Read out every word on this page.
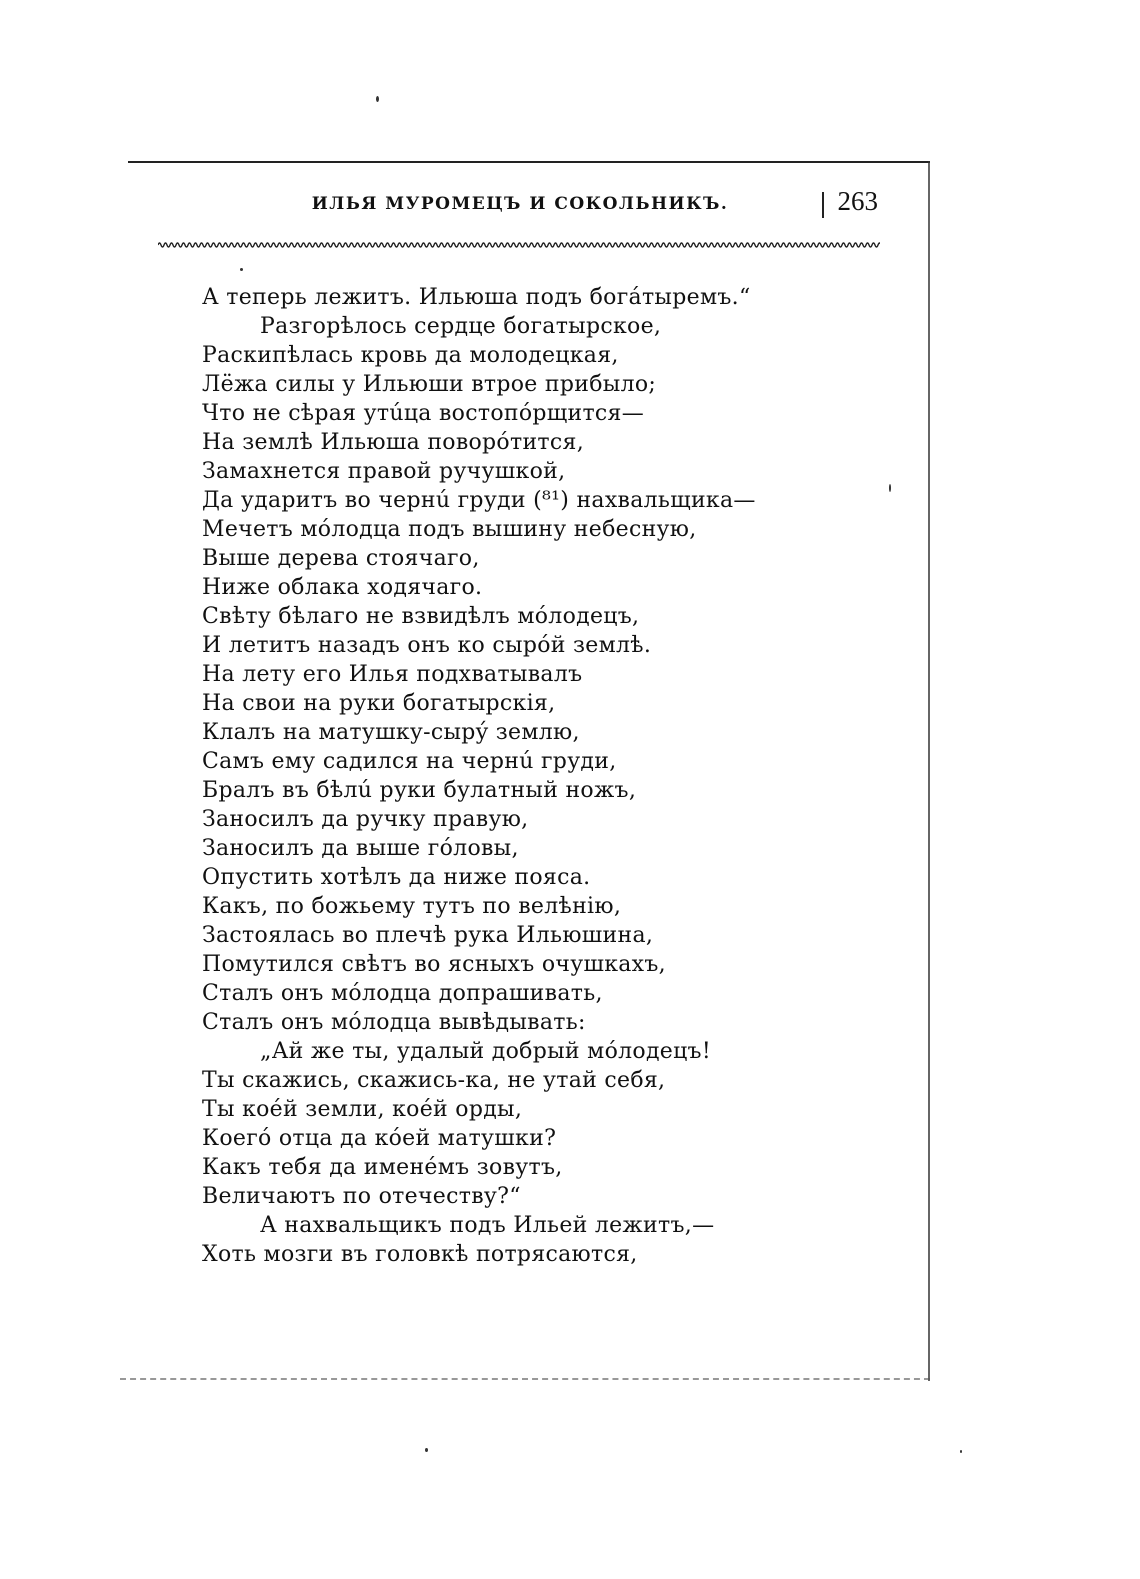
ИЛЬЯ МУРОМЕЦЪ И СОКОЛЬНИКЪ.	263
А теперь лежитъ. Ильюша подъ богáтыремъ.“
Разгорѣлось сердце богатырское,
Раскипѣлась кровь да молодецкая,
Лёжа силы у Ильюши втрое прибыло;
Что не сѣрая утúца востопóрщится—
На землѣ Ильюша поворóтится,
Замахнется правой ручушкой,
Да ударитъ во чернú груди (⁸¹) нахвальщика—
Мечетъ мóлодца подъ вышину небесную,
Выше дерева стоячаго,
Ниже облака ходячаго.
Свѣту бѣлаго не взвидѣлъ мóлодецъ,
И летитъ назадъ онъ ко сырóй землѣ.
На лету его Илья подхватывалъ
На свои на руки богатырскія,
Клалъ на матушку-сырý землю,
Самъ ему садился на чернú груди,
Бралъ въ бѣлú руки булатный ножъ,
Заносилъ да ручку правую,
Заносилъ да выше гóловы,
Опустить хотѣлъ да ниже пояса.
Какъ, по божьему тутъ по велѣнію,
Застоялась во плечѣ рука Ильюшина,
Помутился свѣтъ во ясныхъ очушкахъ,
Сталъ онъ мóлодца допрашивать,
Сталъ онъ мóлодца вывѣдывать:
„Ай же ты, удалый добрый мóлодецъ!
Ты скажись, скажись-ка, не утай себя,
Ты коéй земли, коéй орды,
Коегó отца да кóей матушки?
Какъ тебя да именéмъ зовутъ,
Величаютъ по отечеству?“
А нахвальщикъ подъ Ильей лежитъ,—
Хоть мозги въ головкѣ потрясаются,
